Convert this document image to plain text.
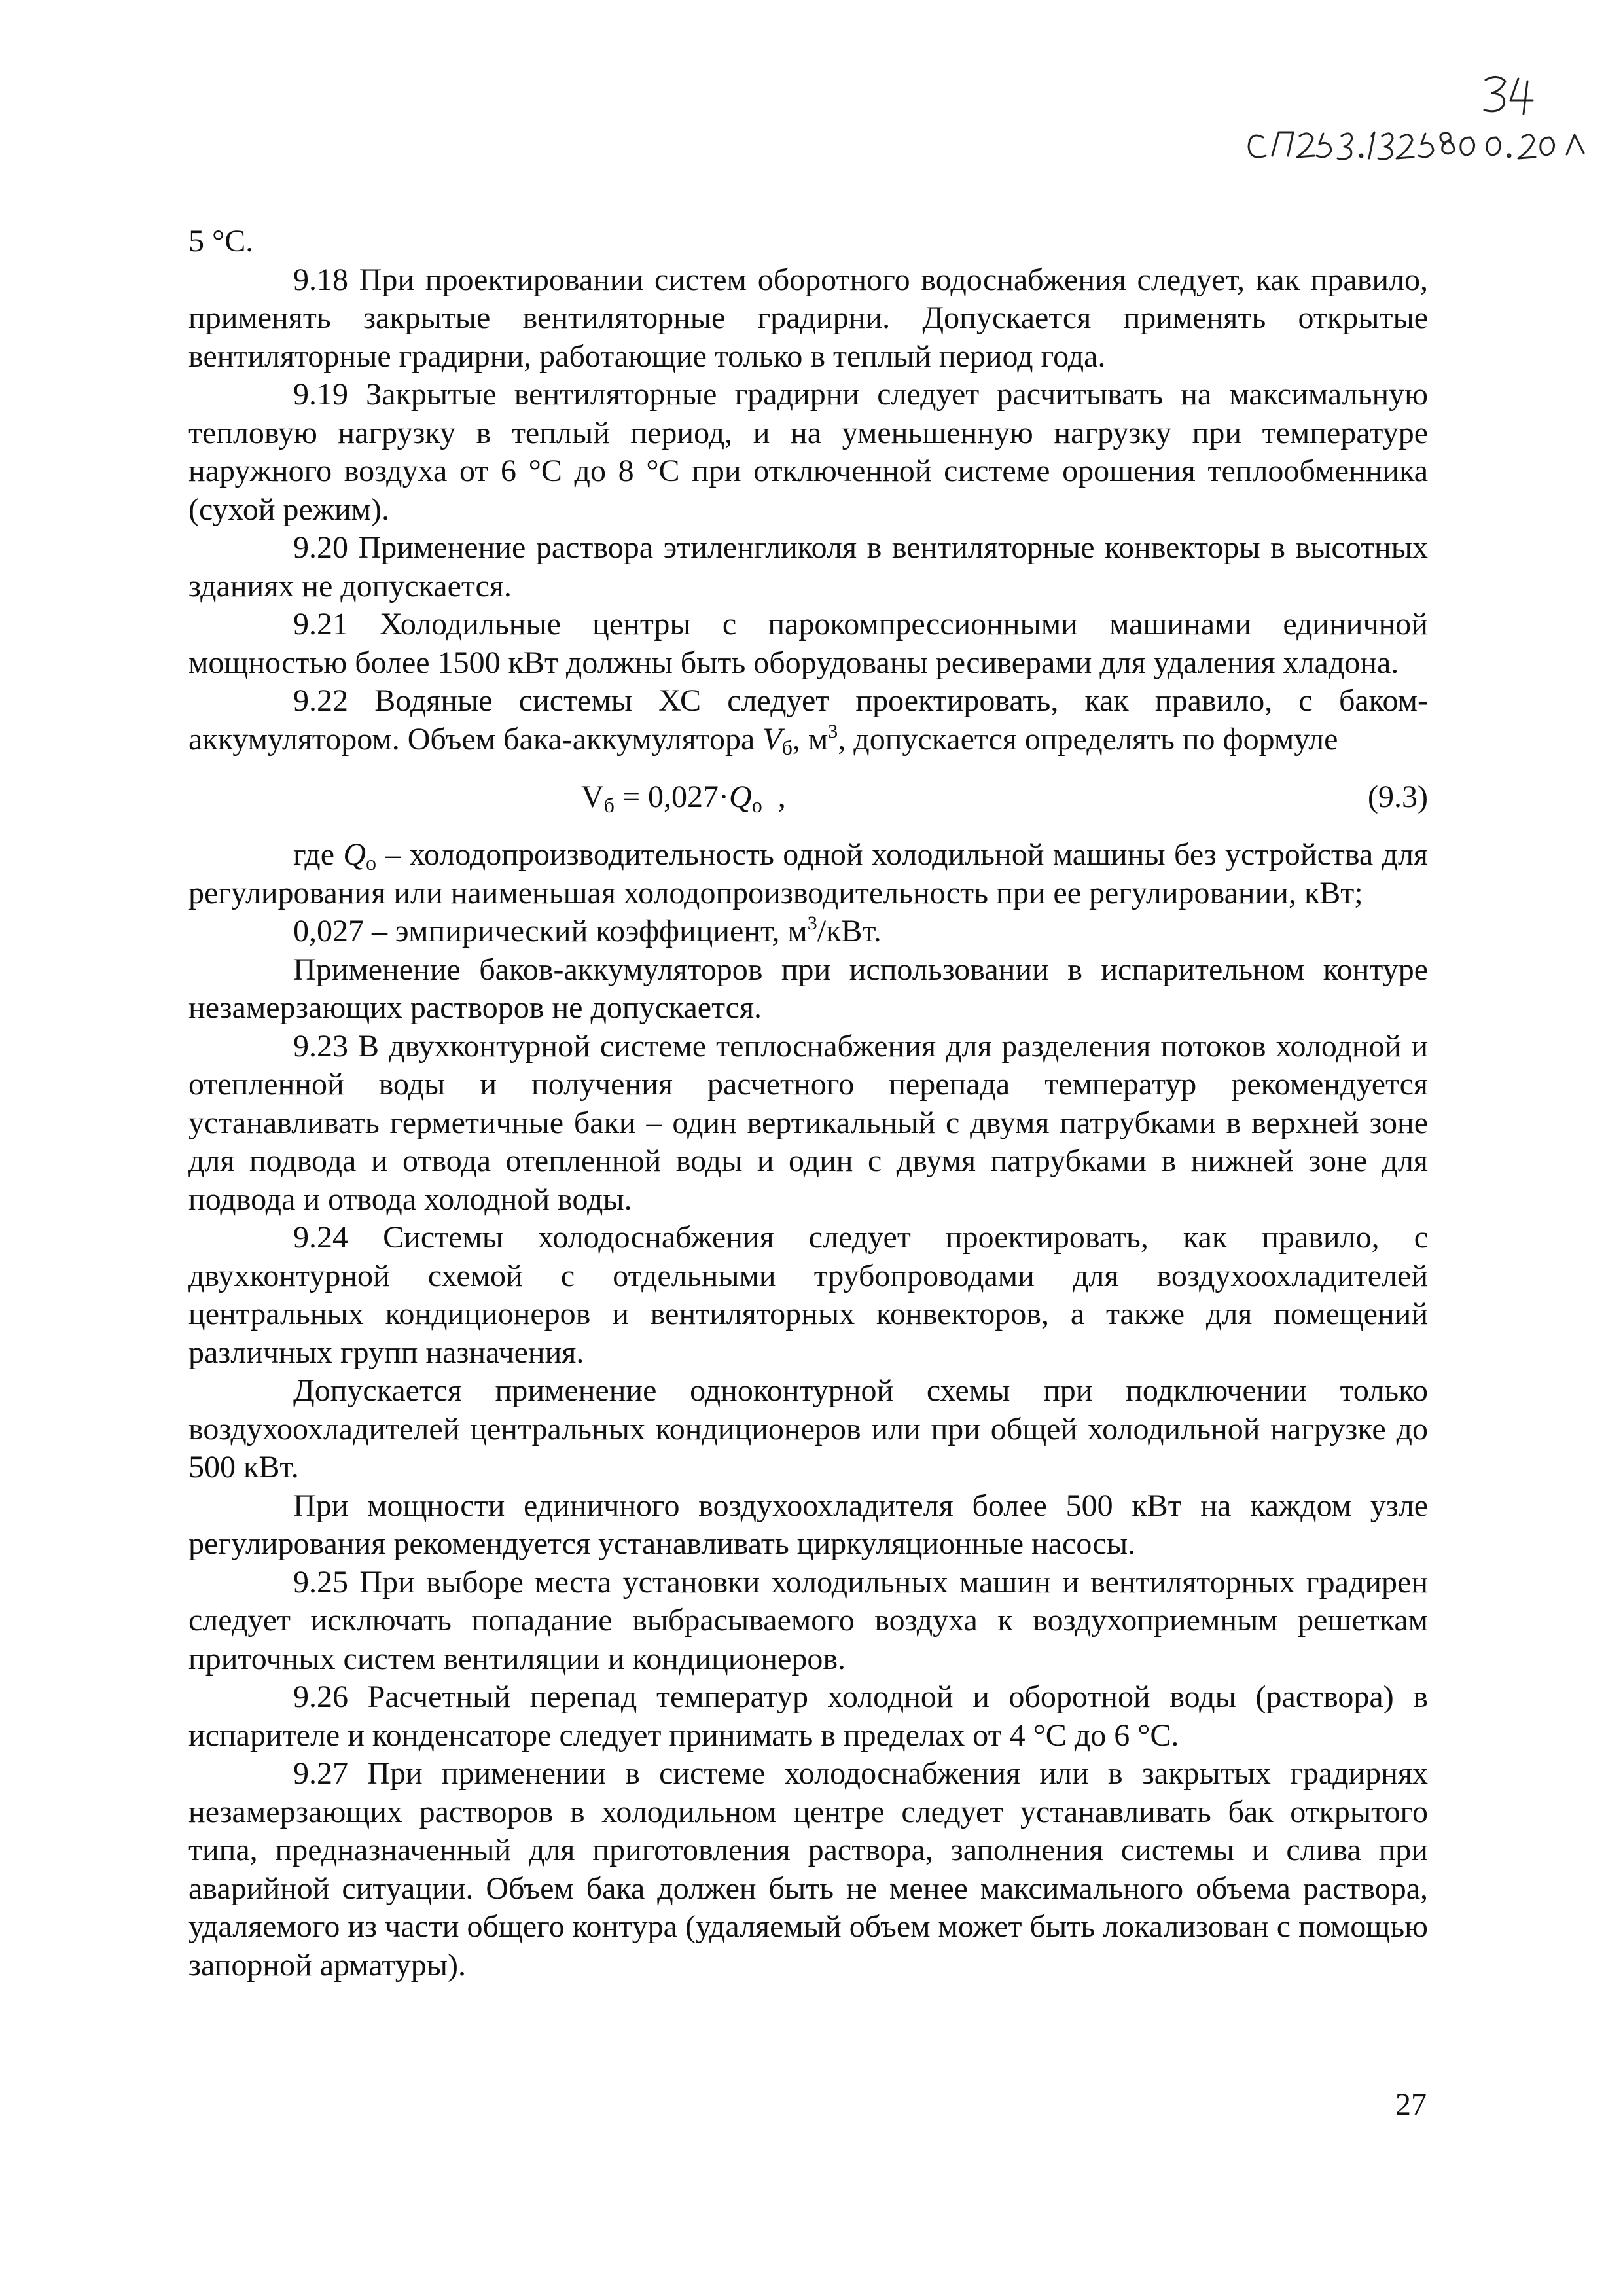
5 °С.

9.18 При проектировании систем оборотного водоснабжения следует, как правило, применять закрытые вентиляторные градирни. Допускается применять открытые вентиляторные градирни, работающие только в теплый период года.

9.19 Закрытые вентиляторные градирни следует расчитывать на максимальную тепловую нагрузку в теплый период, и на уменьшенную нагрузку при температуре наружного воздуха от 6 °С до 8 °С при отключенной системе орошения теплообменника (сухой режим).

9.20 Применение раствора этиленгликоля в вентиляторные конвекторы в высотных зданиях не допускается.

9.21 Холодильные центры с парокомпрессионными машинами единичной мощностью более 1500 кВт должны быть оборудованы ресиверами для удаления хладона.

9.22 Водяные системы ХС следует проектировать, как правило, с баком-аккумулятором. Объем бака-аккумулятора $V_б$, $м^3$, допускается определять по формуле

$V_б = 0,027\cdot Q_о$  ,	(9.3)

где $Q_о$ – холодопроизводительность одной холодильной машины без устройства для регулирования или наименьшая холодопроизводительность при ее регулировании, кВт;

0,027 – эмпирический коэффициент, $м^3$/кВт.

Применение баков-аккумуляторов при использовании в испарительном контуре незамерзающих растворов не допускается.

9.23 В двухконтурной системе теплоснабжения для разделения потоков холодной и отепленной воды и получения расчетного перепада температур рекомендуется устанавливать герметичные баки – один вертикальный с двумя патрубками в верхней зоне для подвода и отвода отепленной воды и один с двумя патрубками в нижней зоне для подвода и отвода холодной воды.

9.24 Системы холодоснабжения следует проектировать, как правило, с двухконтурной схемой с отдельными трубопроводами для воздухоохладителей центральных кондиционеров и вентиляторных конвекторов, а также для помещений различных групп назначения.

Допускается применение одноконтурной схемы при подключении только воздухоохладителей центральных кондиционеров или при общей холодильной нагрузке до 500 кВт.

При мощности единичного воздухоохладителя более 500 кВт на каждом узле регулирования рекомендуется устанавливать циркуляционные насосы.

9.25 При выборе места установки холодильных машин и вентиляторных градирен следует исключать попадание выбрасываемого воздуха к воздухоприемным решеткам приточных систем вентиляции и кондиционеров.

9.26 Расчетный перепад температур холодной и оборотной воды (раствора) в испарителе и конденсаторе следует принимать в пределах от 4 °С до 6 °С.

9.27 При применении в системе холодоснабжения или в закрытых градирнях незамерзающих растворов в холодильном центре следует устанавливать бак открытого типа, предназначенный для приготовления раствора, заполнения системы и слива при аварийной ситуации. Объем бака должен быть не менее максимального объема раствора, удаляемого из части общего контура (удаляемый объем может быть локализован с помощью запорной арматуры).

27
